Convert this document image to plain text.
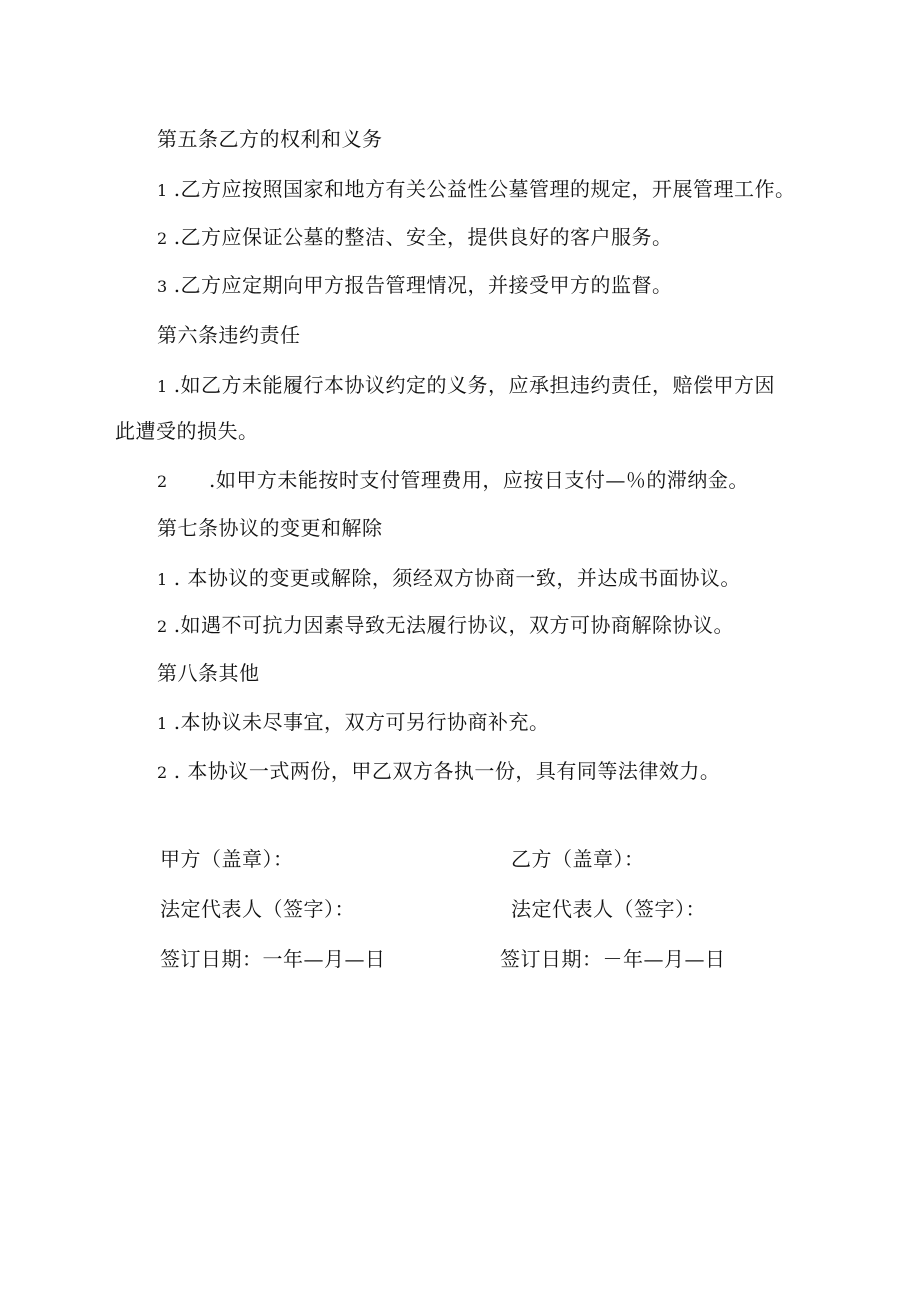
第五条乙方的权利和义务
1 .乙方应按照国家和地方有关公益性公墓管理的规定，开展管理工作。
2 .乙方应保证公墓的整洁、安全，提供良好的客户服务。
3 .乙方应定期向甲方报告管理情况，并接受甲方的监督。
第六条违约责任
1 .如乙方未能履行本协议约定的义务，应承担违约责任，赔偿甲方因
此遭受的损失。
2 .如甲方未能按时支付管理费用，应按日支付—％的滞纳金。
第七条协议的变更和解除
1 . 本协议的变更或解除，须经双方协商一致，并达成书面协议。
2 .如遇不可抗力因素导致无法履行协议，双方可协商解除协议。
第八条其他
1 .本协议未尽事宜，双方可另行协商补充。
2 . 本协议一式两份，甲乙双方各执一份，具有同等法律效力。
甲方（盖章）：
法定代表人（签字）：
签订日期：一年—月—日
乙方（盖章）：
法定代表人（签字）：
签订日期：－年—月—日
